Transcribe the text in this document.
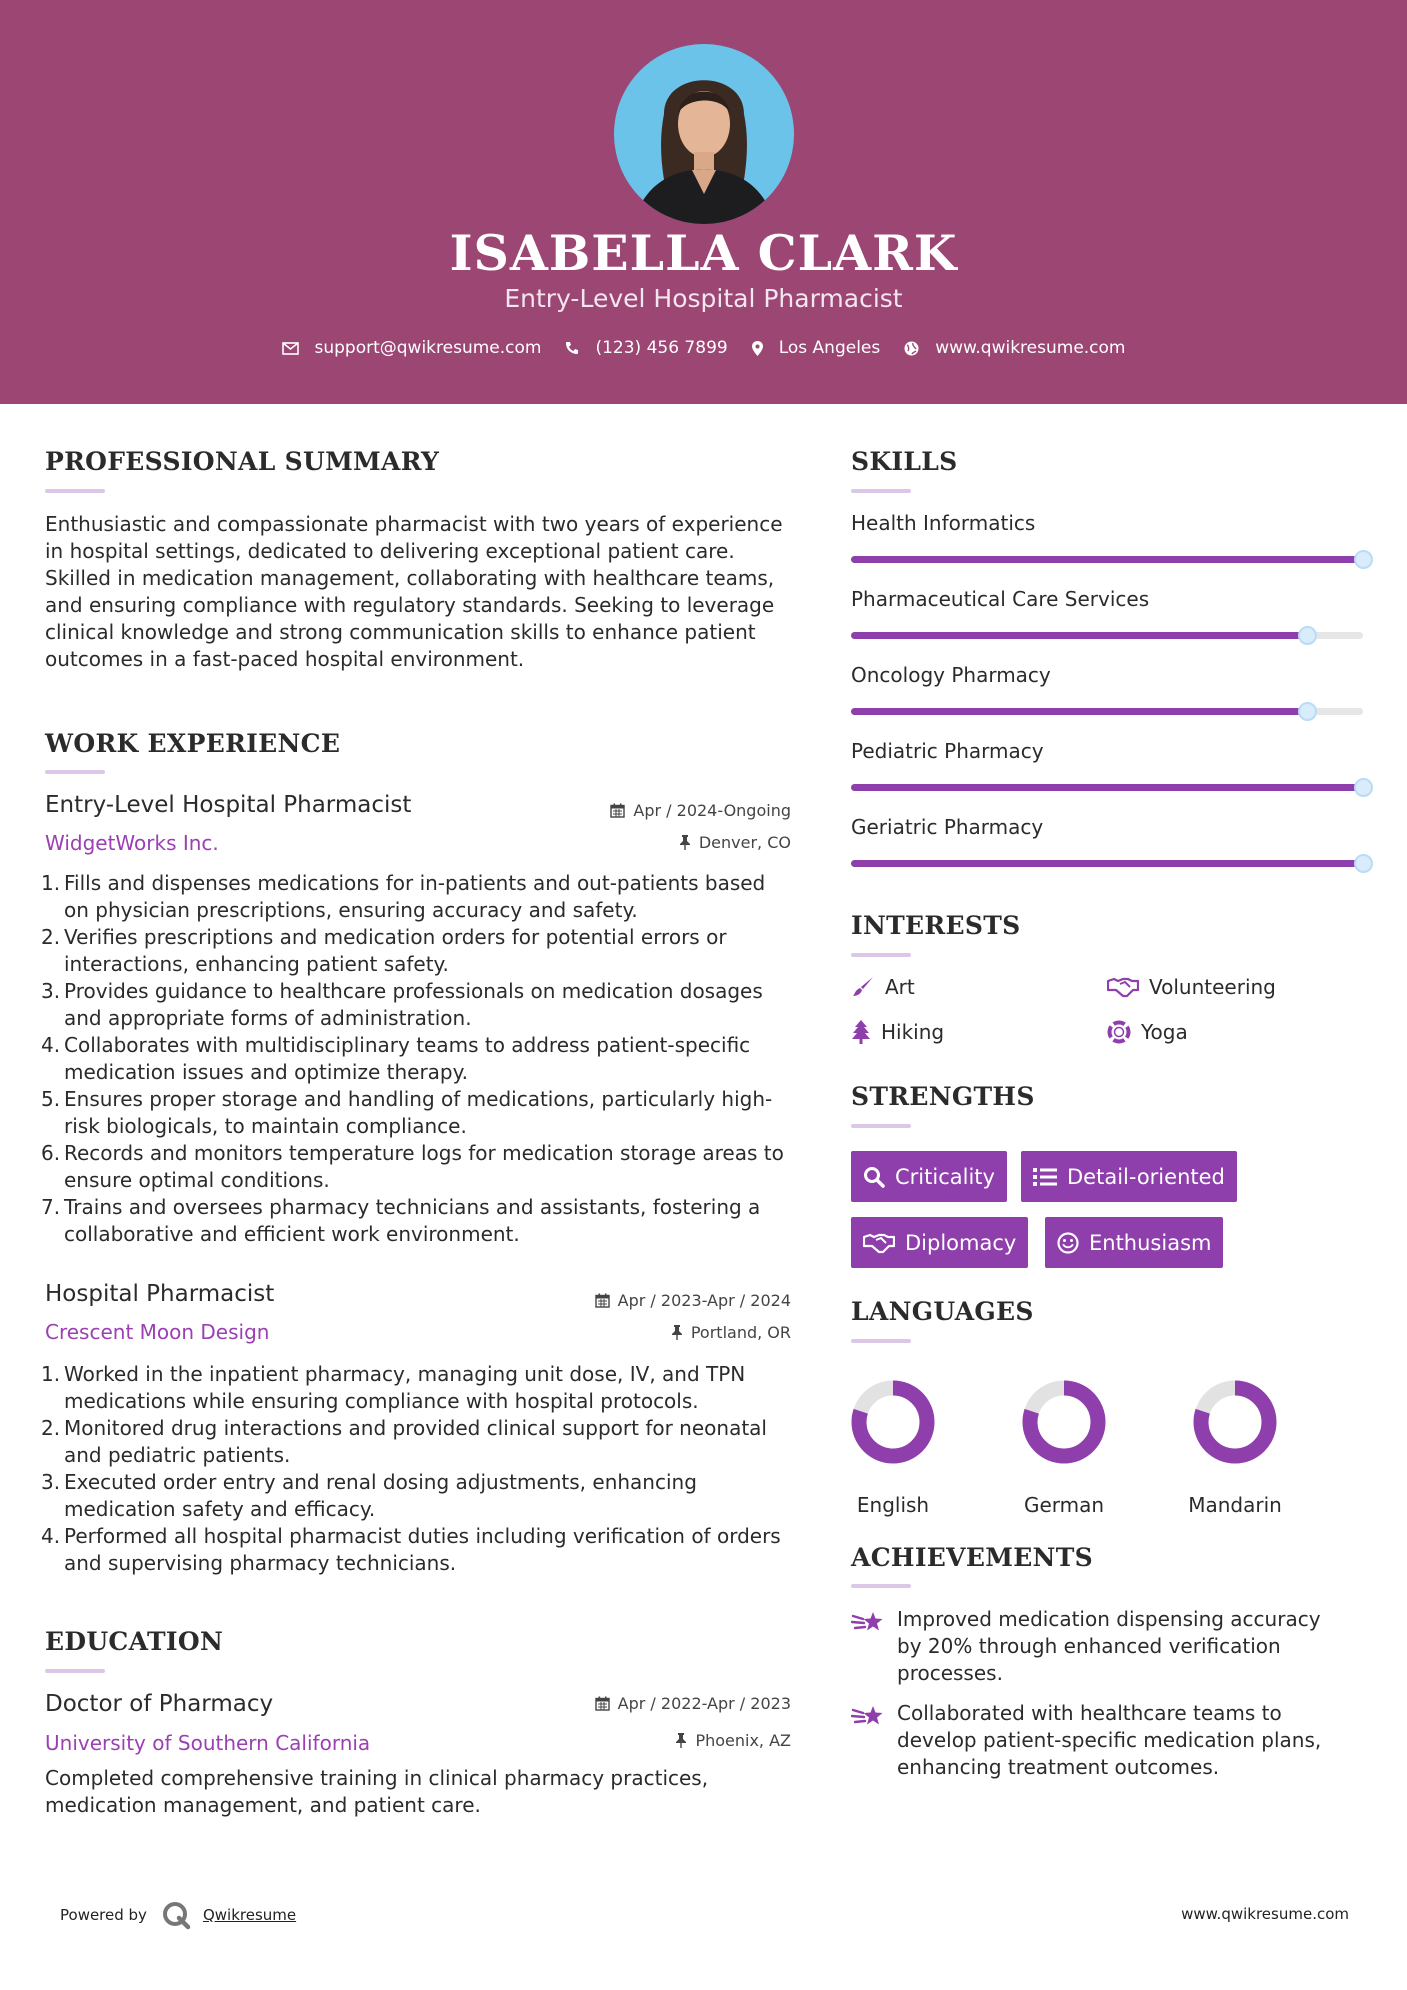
ISABELLA CLARK
Entry-Level Hospital Pharmacist
support@qwikresume.com	(123) 456 7899	Los Angeles	www.qwikresume.com
PROFESSIONAL SUMMARY
Enthusiastic and compassionate pharmacist with two years of experience in hospital settings, dedicated to delivering exceptional patient care. Skilled in medication management, collaborating with healthcare teams, and ensuring compliance with regulatory standards. Seeking to leverage clinical knowledge and strong communication skills to enhance patient outcomes in a fast-paced hospital environment.
WORK EXPERIENCE
Entry-Level Hospital Pharmacist	Apr / 2024-Ongoing
WidgetWorks Inc.	Denver, CO
1. Fills and dispenses medications for in-patients and out-patients based on physician prescriptions, ensuring accuracy and safety.
2. Verifies prescriptions and medication orders for potential errors or interactions, enhancing patient safety.
3. Provides guidance to healthcare professionals on medication dosages and appropriate forms of administration.
4. Collaborates with multidisciplinary teams to address patient-specific medication issues and optimize therapy.
5. Ensures proper storage and handling of medications, particularly high-risk biologicals, to maintain compliance.
6. Records and monitors temperature logs for medication storage areas to ensure optimal conditions.
7. Trains and oversees pharmacy technicians and assistants, fostering a collaborative and efficient work environment.
Hospital Pharmacist	Apr / 2023-Apr / 2024
Crescent Moon Design	Portland, OR
1. Worked in the inpatient pharmacy, managing unit dose, IV, and TPN medications while ensuring compliance with hospital protocols.
2. Monitored drug interactions and provided clinical support for neonatal and pediatric patients.
3. Executed order entry and renal dosing adjustments, enhancing medication safety and efficacy.
4. Performed all hospital pharmacist duties including verification of orders and supervising pharmacy technicians.
EDUCATION
Doctor of Pharmacy	Apr / 2022-Apr / 2023
University of Southern California	Phoenix, AZ
Completed comprehensive training in clinical pharmacy practices, medication management, and patient care.
SKILLS
Health Informatics
Pharmaceutical Care Services
Oncology Pharmacy
Pediatric Pharmacy
Geriatric Pharmacy
INTERESTS
Art	Volunteering
Hiking	Yoga
STRENGTHS
Criticality	Detail-oriented
Diplomacy	Enthusiasm
LANGUAGES
English	German	Mandarin
ACHIEVEMENTS
Improved medication dispensing accuracy by 20% through enhanced verification processes.
Collaborated with healthcare teams to develop patient-specific medication plans, enhancing treatment outcomes.
Powered by	Qwikresume	www.qwikresume.com
